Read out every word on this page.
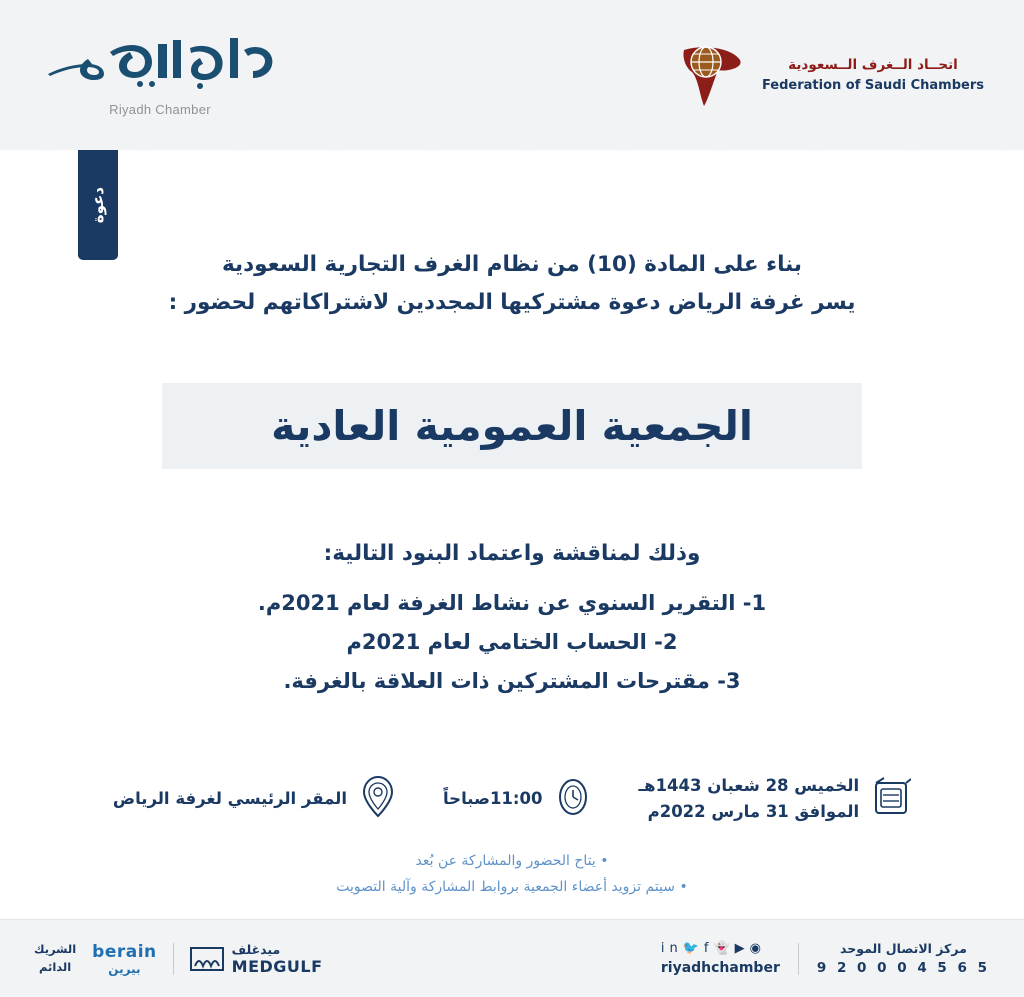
اتحــاد الــغرف الــسعودية
Federation of Saudi Chambers
Riyadh Chamber
دعوة
بناء على المادة (10) من نظام الغرف التجارية السعودية
يسر غرفة الرياض دعوة مشتركيها المجددين لاشتراكاتهم لحضور :
الجمعية العمومية العادية
وذلك لمناقشة واعتماد البنود التالية:
1- التقرير السنوي عن نشاط الغرفة لعام 2021م.
2- الحساب الختامي لعام 2021م
3- مقترحات المشتركين ذات العلاقة بالغرفة.
الخميس 28 شعبان 1443هـ
الموافق 31 مارس 2022م
11:00صباحاً
المقر الرئيسي لغرفة الرياض
• يتاح الحضور والمشاركة عن بُعد
• سيتم تزويد أعضاء الجمعية بروابط المشاركة وآلية التصويت
مركز الاتصال الموحد
9 2 0 0 0 4 5 6 5
in🐦f👻▶◉
riyadhchamber
الشريك
الدائم
berain
بيرين
ميدغلف
MEDGULF
